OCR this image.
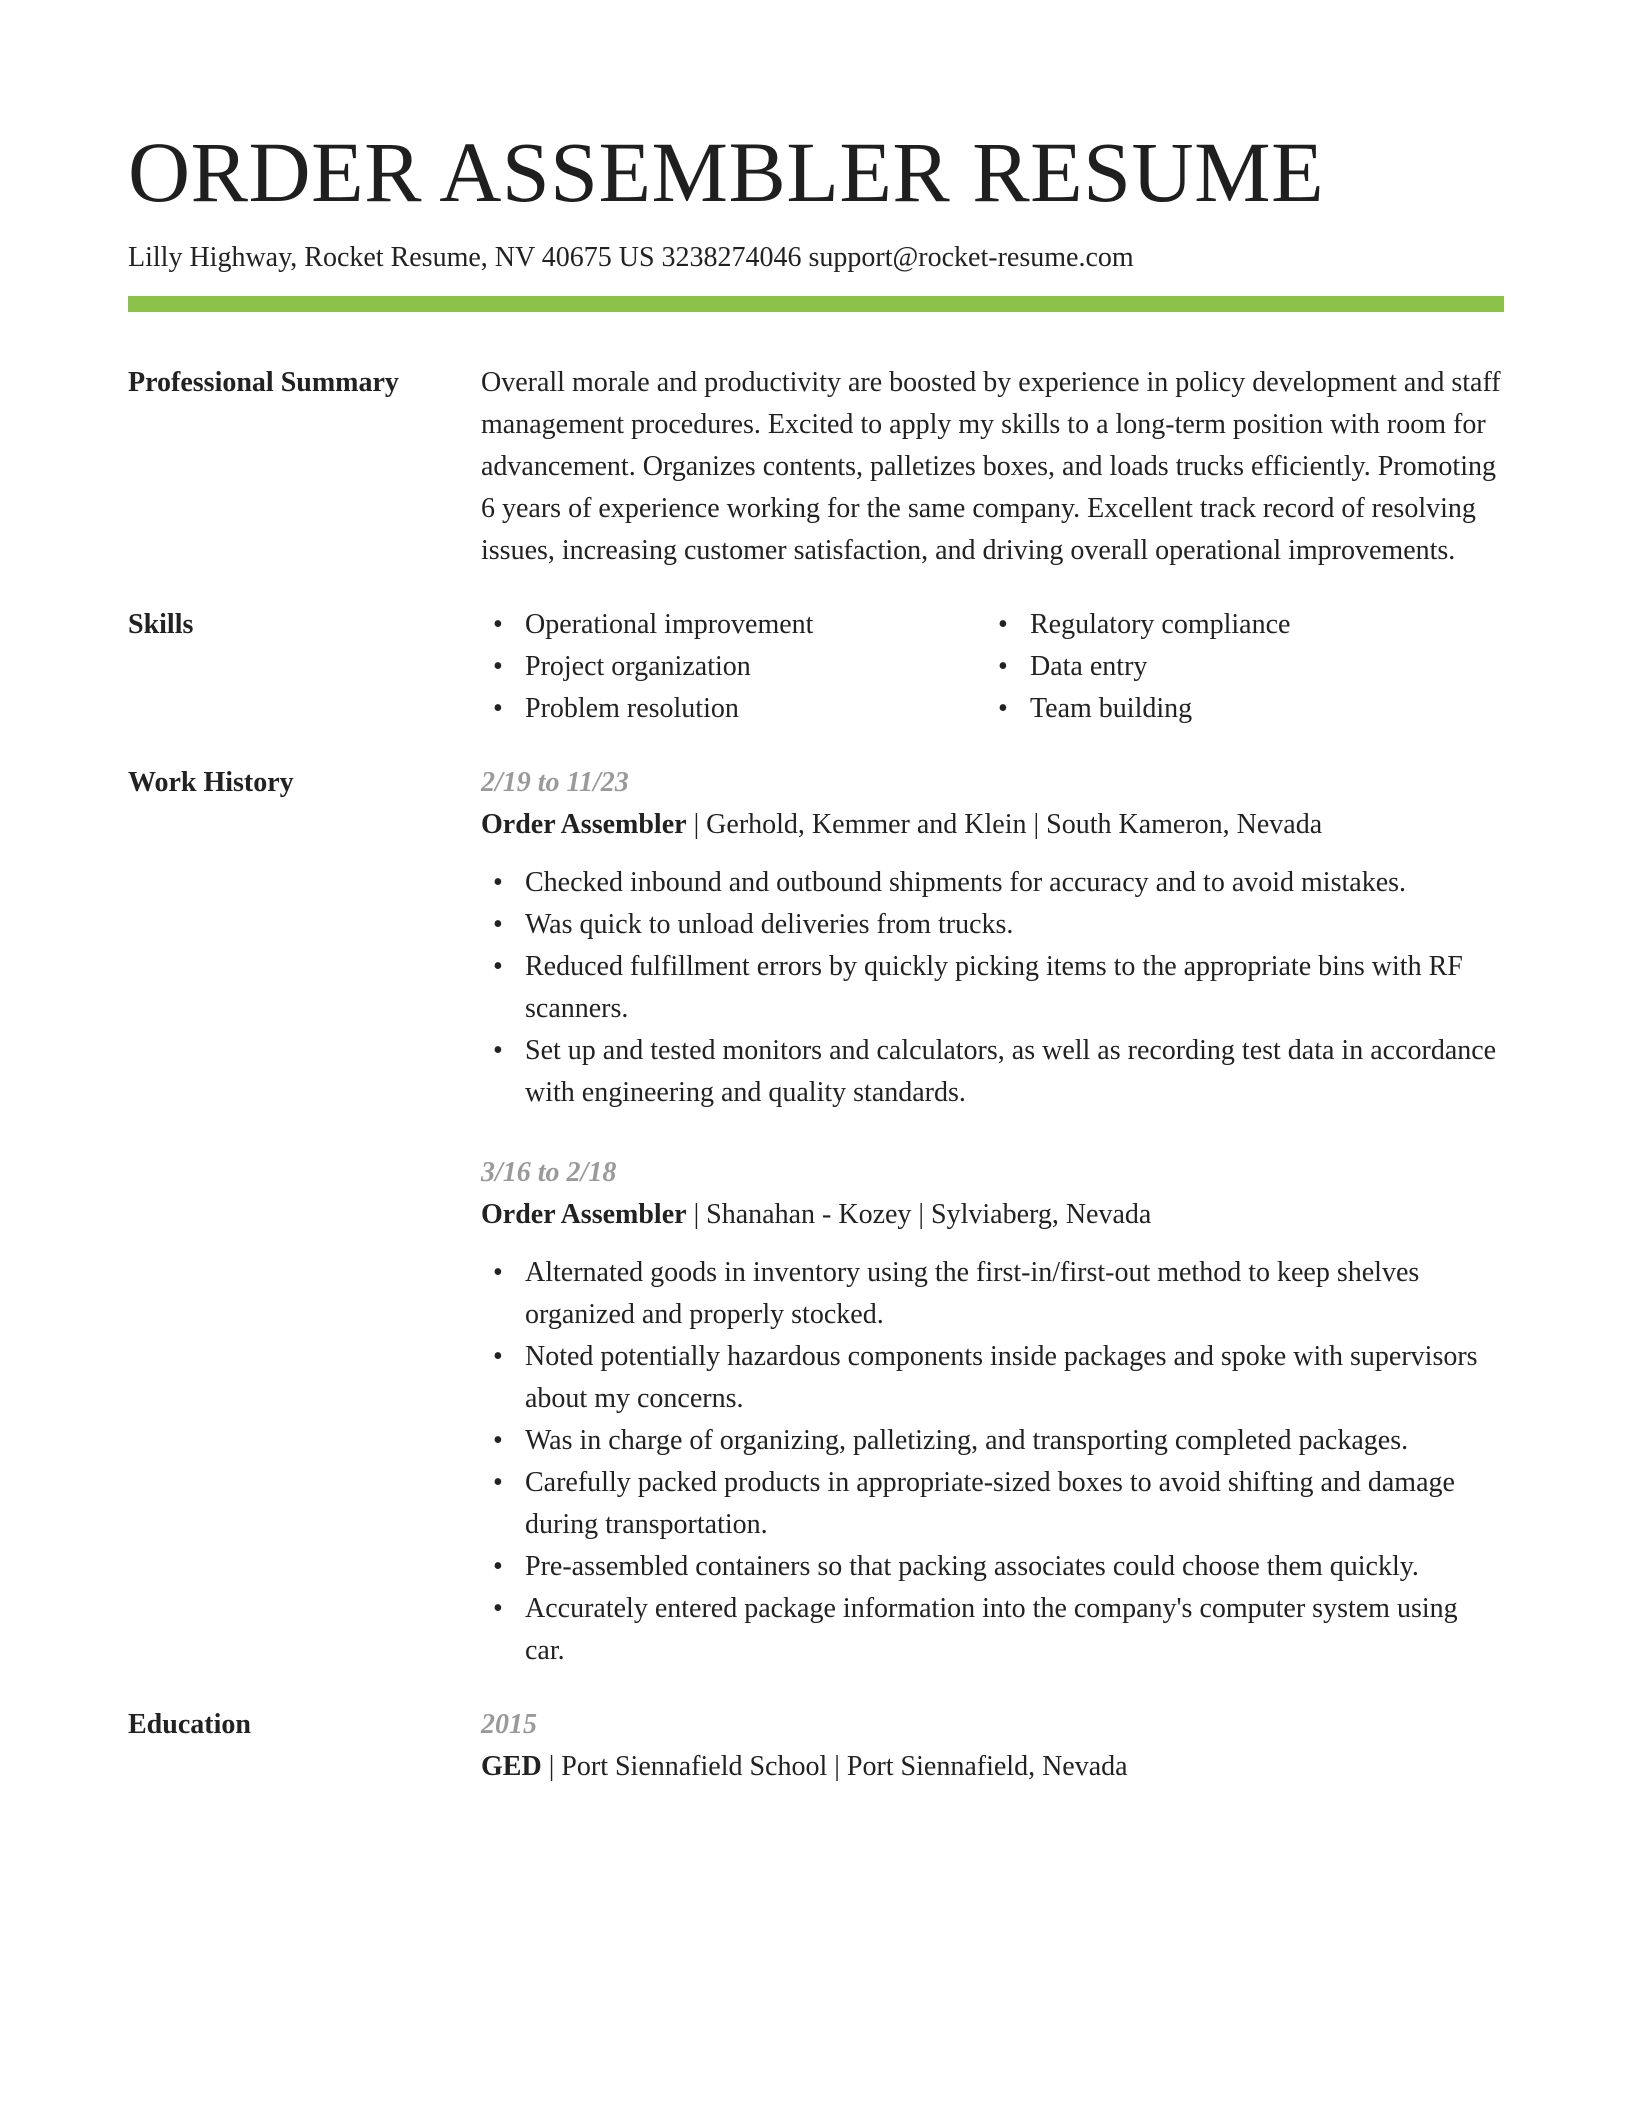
ORDER ASSEMBLER RESUME
Lilly Highway, Rocket Resume, NV 40675 US 3238274046 support@rocket-resume.com
Professional Summary	Overall morale and productivity are boosted by experience in policy development and staff management procedures. Excited to apply my skills to a long-term position with room for advancement. Organizes contents, palletizes boxes, and loads trucks efficiently. Promoting 6 years of experience working for the same company. Excellent track record of resolving issues, increasing customer satisfaction, and driving overall operational improvements.

Skills
•	Operational improvement
• Project organization
• Problem resolution
• Regulatory compliance
• Data entry
• Team building
Work History	2/19 to 11/23
Order Assembler | Gerhold, Kemmer and Klein | South Kameron, Nevada
• Checked inbound and outbound shipments for accuracy and to avoid mistakes.
• Was quick to unload deliveries from trucks.
• Reduced fulfillment errors by quickly picking items to the appropriate bins with RF scanners.
• Set up and tested monitors and calculators, as well as recording test data in accordance with engineering and quality standards.
3/16 to 2/18
Order Assembler | Shanahan - Kozey | Sylviaberg, Nevada
• Alternated goods in inventory using the first-in/first-out method to keep shelves organized and properly stocked.
• Noted potentially hazardous components inside packages and spoke with supervisors about my concerns.
• Was in charge of organizing, palletizing, and transporting completed packages.
• Carefully packed products in appropriate-sized boxes to avoid shifting and damage during transportation.
• Pre-assembled containers so that packing associates could choose them quickly.
• Accurately entered package information into the company's computer system using car.
Education	2015
GED | Port Siennafield School | Port Siennafield, Nevada
